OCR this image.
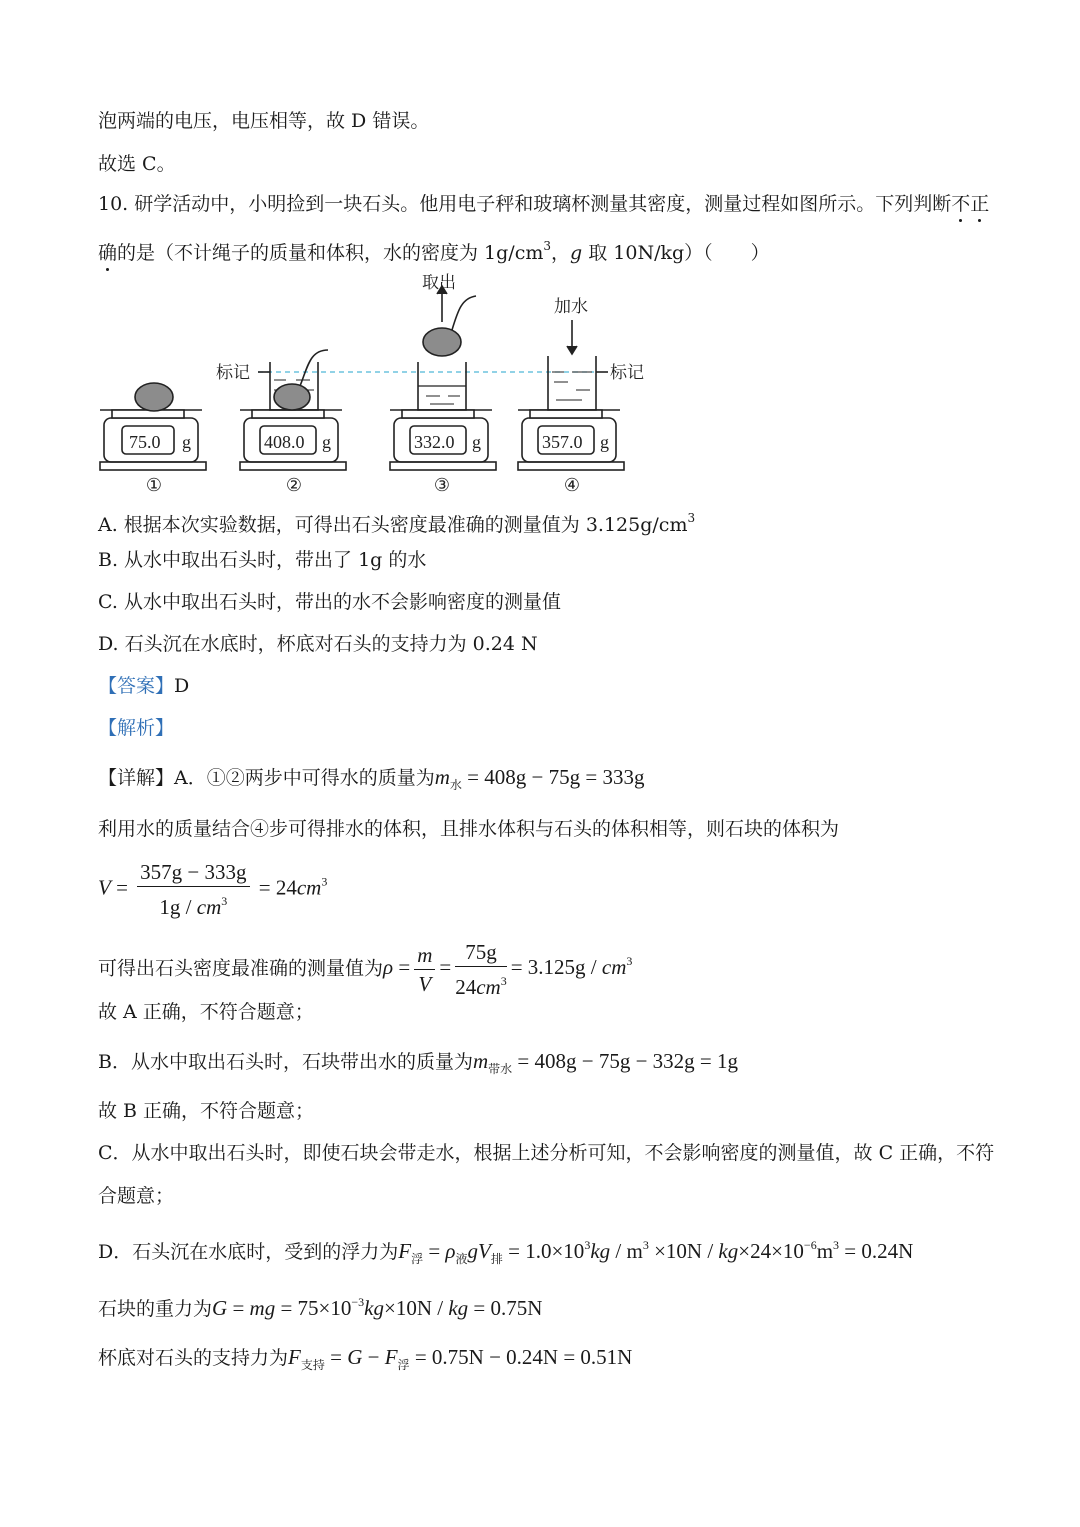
泡两端的电压，电压相等，故 D 错误。
故选 C。
10. 研学活动中，小明捡到一块石头。他用电子秤和玻璃杯测量其密度，测量过程如图所示。下列判断不正
确的是（不计绳子的质量和体积，水的密度为 $1g/cm^3$，g 取 10N/kg）（　　）
取出
加水
标记	标记
75.0 g	408.0 g	332.0 g	357.0 g
①	②	③	④
A. 根据本次实验数据，可得出石头密度最准确的测量值为 $3.125g/cm^3$
B. 从水中取出石头时，带出了 1g 的水
C. 从水中取出石头时，带出的水不会影响密度的测量值
D. 石头沉在水底时，杯底对石头的支持力为 0.24 N
【答案】D
【解析】
【详解】A．①②两步中可得水的质量为$m_水 = 408g - 75g = 333g$
利用水的质量结合④步可得排水的体积，且排水体积与石头的体积相等，则石块的体积为
$V = \frac{357g - 333g}{1g / cm^3} = 24cm^3$
可得出石头密度最准确的测量值为$\rho = \frac{m}{V} = \frac{75g}{24cm^3} = 3.125g / cm^3$
故 A 正确，不符合题意；
B．从水中取出石头时，石块带出水的质量为$m_{带水} = 408g - 75g - 332g = 1g$
故 B 正确，不符合题意；
C．从水中取出石头时，即使石块会带走水，根据上述分析可知，不会影响密度的测量值，故 C 正确，不符
合题意；
D．石头沉在水底时，受到的浮力为$F_浮 = \rho_液gV_排 = 1.0\times 10^3kg / m^3 \times 10N / kg\times 24\times 10^{-6}m^3 = 0.24N$
石块的重力为G = mg = $75\times 10^{-3}kg\times 10N$ / kg = 0.75N
杯底对石头的支持力为$F_{支持} = G - F_浮 = 0.75N - 0.24N = 0.51N$
